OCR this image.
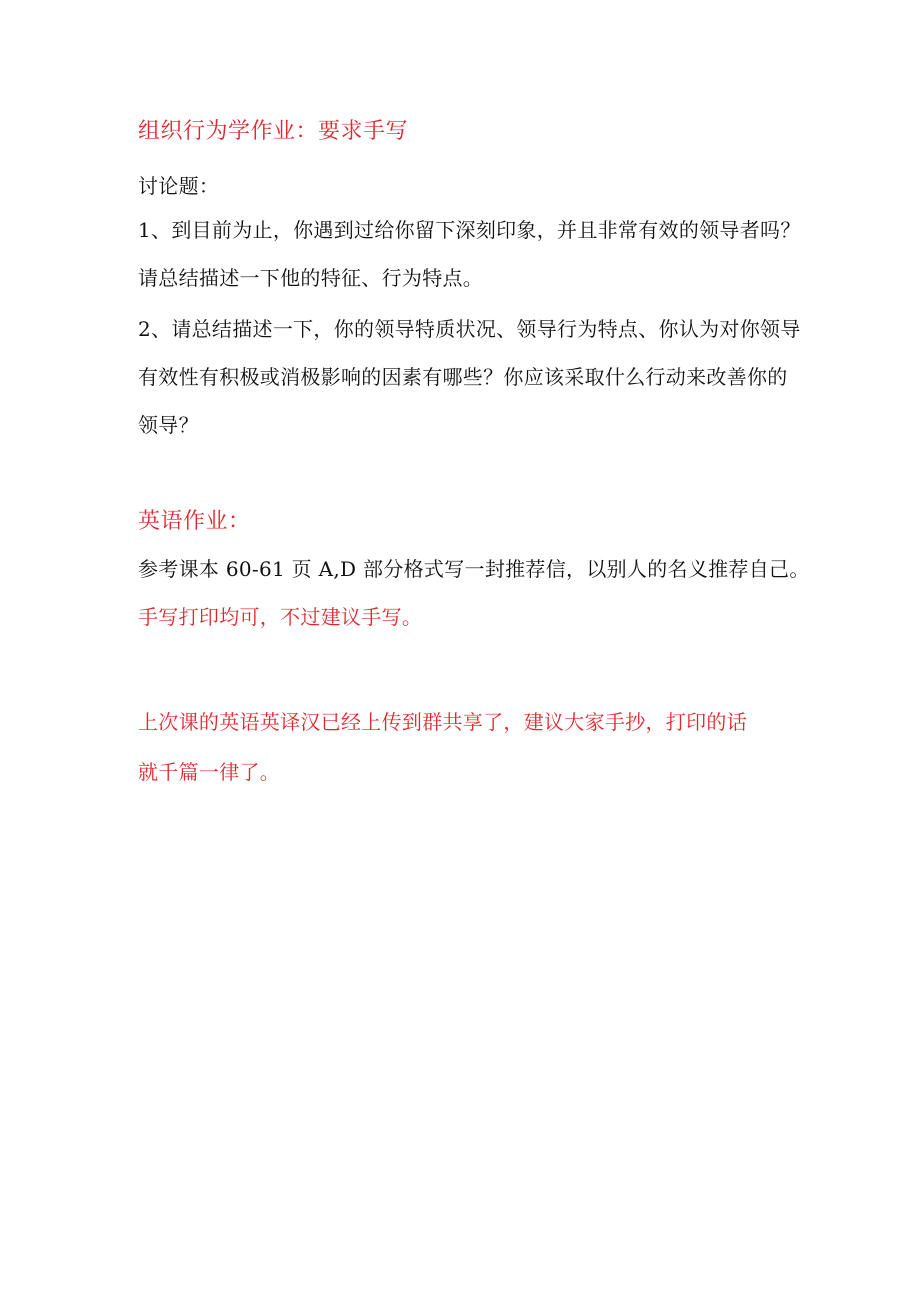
组织行为学作业：要求手写
讨论题：
1、到目前为止，你遇到过给你留下深刻印象，并且非常有效的领导者吗？
请总结描述一下他的特征、行为特点。
2、请总结描述一下，你的领导特质状况、领导行为特点、你认为对你领导
有效性有积极或消极影响的因素有哪些？你应该采取什么行动来改善你的
领导？
英语作业：
参考课本 60-61 页 A,D 部分格式写一封推荐信，以别人的名义推荐自己。
手写打印均可，不过建议手写。
上次课的英语英译汉已经上传到群共享了，建议大家手抄，打印的话
就千篇一律了。
